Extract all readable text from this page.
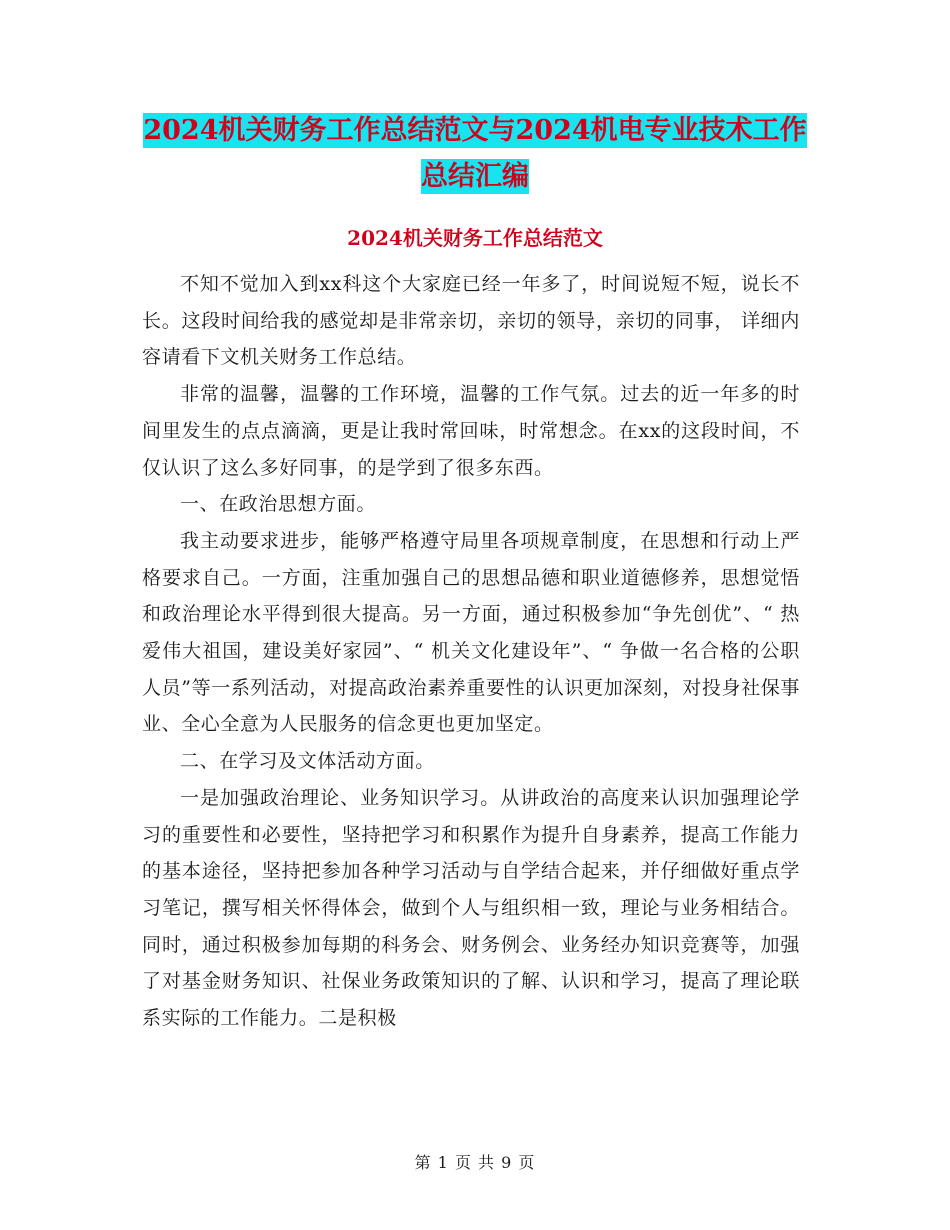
2024机关财务工作总结范文与2024机电专业技术工作
总结汇编
2024机关财务工作总结范文

不知不觉加入到xx科这个大家庭已经一年多了，时间说短不短，说长不长。这段时间给我的感觉却是非常亲切，亲切的领导，亲切的同事， 详细内容请看下文机关财务工作总结。

非常的温馨，温馨的工作环境，温馨的工作气氛。过去的近一年多的时间里发生的点点滴滴，更是让我时常回味，时常想念。在xx的这段时间，不仅认识了这么多好同事，的是学到了很多东西。

一、在政治思想方面。

我主动要求进步，能够严格遵守局里各项规章制度，在思想和行动上严格要求自己。一方面，注重加强自己的思想品德和职业道德修养，思想觉悟和政治理论水平得到很大提高。另一方面，通过积极参加“争先创优”、“ 热爱伟大祖国，建设美好家园”、“ 机关文化建设年”、“ 争做一名合格的公职人员”等一系列活动，对提高政治素养重要性的认识更加深刻，对投身社保事业、全心全意为人民服务的信念更也更加坚定。

二、在学习及文体活动方面。

一是加强政治理论、业务知识学习。从讲政治的高度来认识加强理论学习的重要性和必要性，坚持把学习和积累作为提升自身素养，提高工作能力的基本途径，坚持把参加各种学习活动与自学结合起来，并仔细做好重点学习笔记，撰写相关怀得体会，做到个人与组织相一致，理论与业务相结合。同时，通过积极参加每期的科务会、财务例会、业务经办知识竞赛等，加强了对基金财务知识、社保业务政策知识的了解、认识和学习，提高了理论联系实际的工作能力。二是积极

第 1 页 共 9 页
